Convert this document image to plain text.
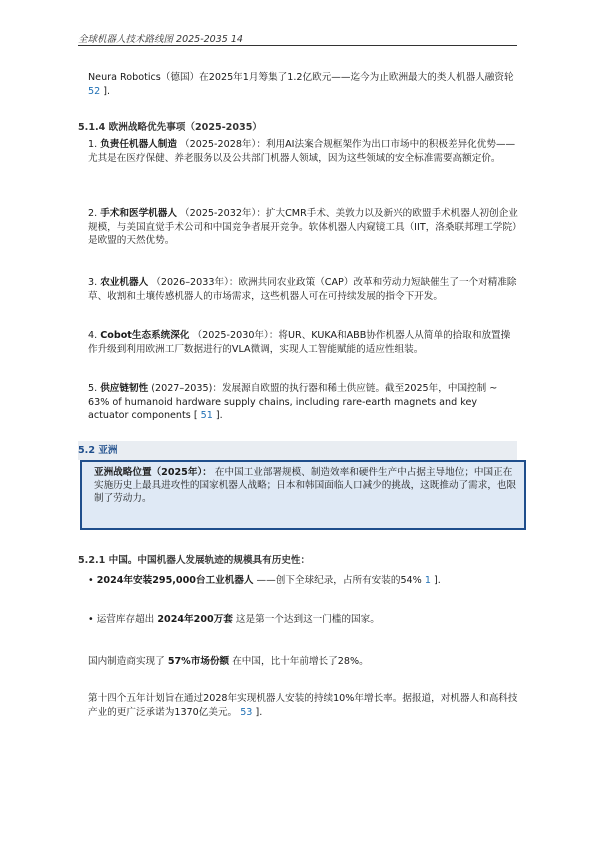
全球机器人技术路线图 2025-2035 14
Neura Robotics（德国）在2025年1月筹集了1.2亿欧元——迄今为止欧洲最大的类人机器人融资轮 52 ].
5.1.4 欧洲战略优先事项（2025-2035）
1. 负责任机器人制造 （2025-2028年）：利用AI法案合规框架作为出口市场中的积极差异化优势——尤其是在医疗保健、养老服务以及公共部门机器人领域，因为这些领域的安全标准需要高额定价。
2. 手术和医学机器人 （2025-2032年）：扩大CMR手术、美敦力以及新兴的欧盟手术机器人初创企业规模，与美国直觉手术公司和中国竞争者展开竞争。软体机器人内窥镜工具（IIT，洛桑联邦理工学院）是欧盟的天然优势。
3. 农业机器人 （2026–2033年）：欧洲共同农业政策（CAP）改革和劳动力短缺催生了一个对精准除草、收割和土壤传感机器人的市场需求，这些机器人可在可持续发展的指令下开发。
4. Cobot生态系统深化 （2025-2030年）：将UR、KUKA和ABB协作机器人从简单的拾取和放置操作升级到利用欧洲工厂数据进行的VLA微调，实现人工智能赋能的适应性组装。
5. 供应链韧性 (2027–2035)：发展源自欧盟的执行器和稀土供应链。截至2025年，中国控制 ~ 63% of humanoid hardware supply chains, including rare-earth magnets and key actuator components [ 51 ].
5.2 亚洲
亚洲战略位置（2025年）： 在中国工业部署规模、制造效率和硬件生产中占据主导地位；中国正在实施历史上最具进攻性的国家机器人战略；日本和韩国面临人口减少的挑战，这既推动了需求，也限制了劳动力。
5.2.1 中国。中国机器人发展轨迹的规模具有历史性：
• 2024年安装295,000台工业机器人 ——创下全球纪录，占所有安装的54% 1 ].
• 运营库存超出 2024年200万套 这是第一个达到这一门槛的国家。
国内制造商实现了 57%市场份额 在中国，比十年前增长了28%。
第十四个五年计划旨在通过2028年实现机器人安装的持续10%年增长率。据报道，对机器人和高科技产业的更广泛承诺为1370亿美元。 53 ].
